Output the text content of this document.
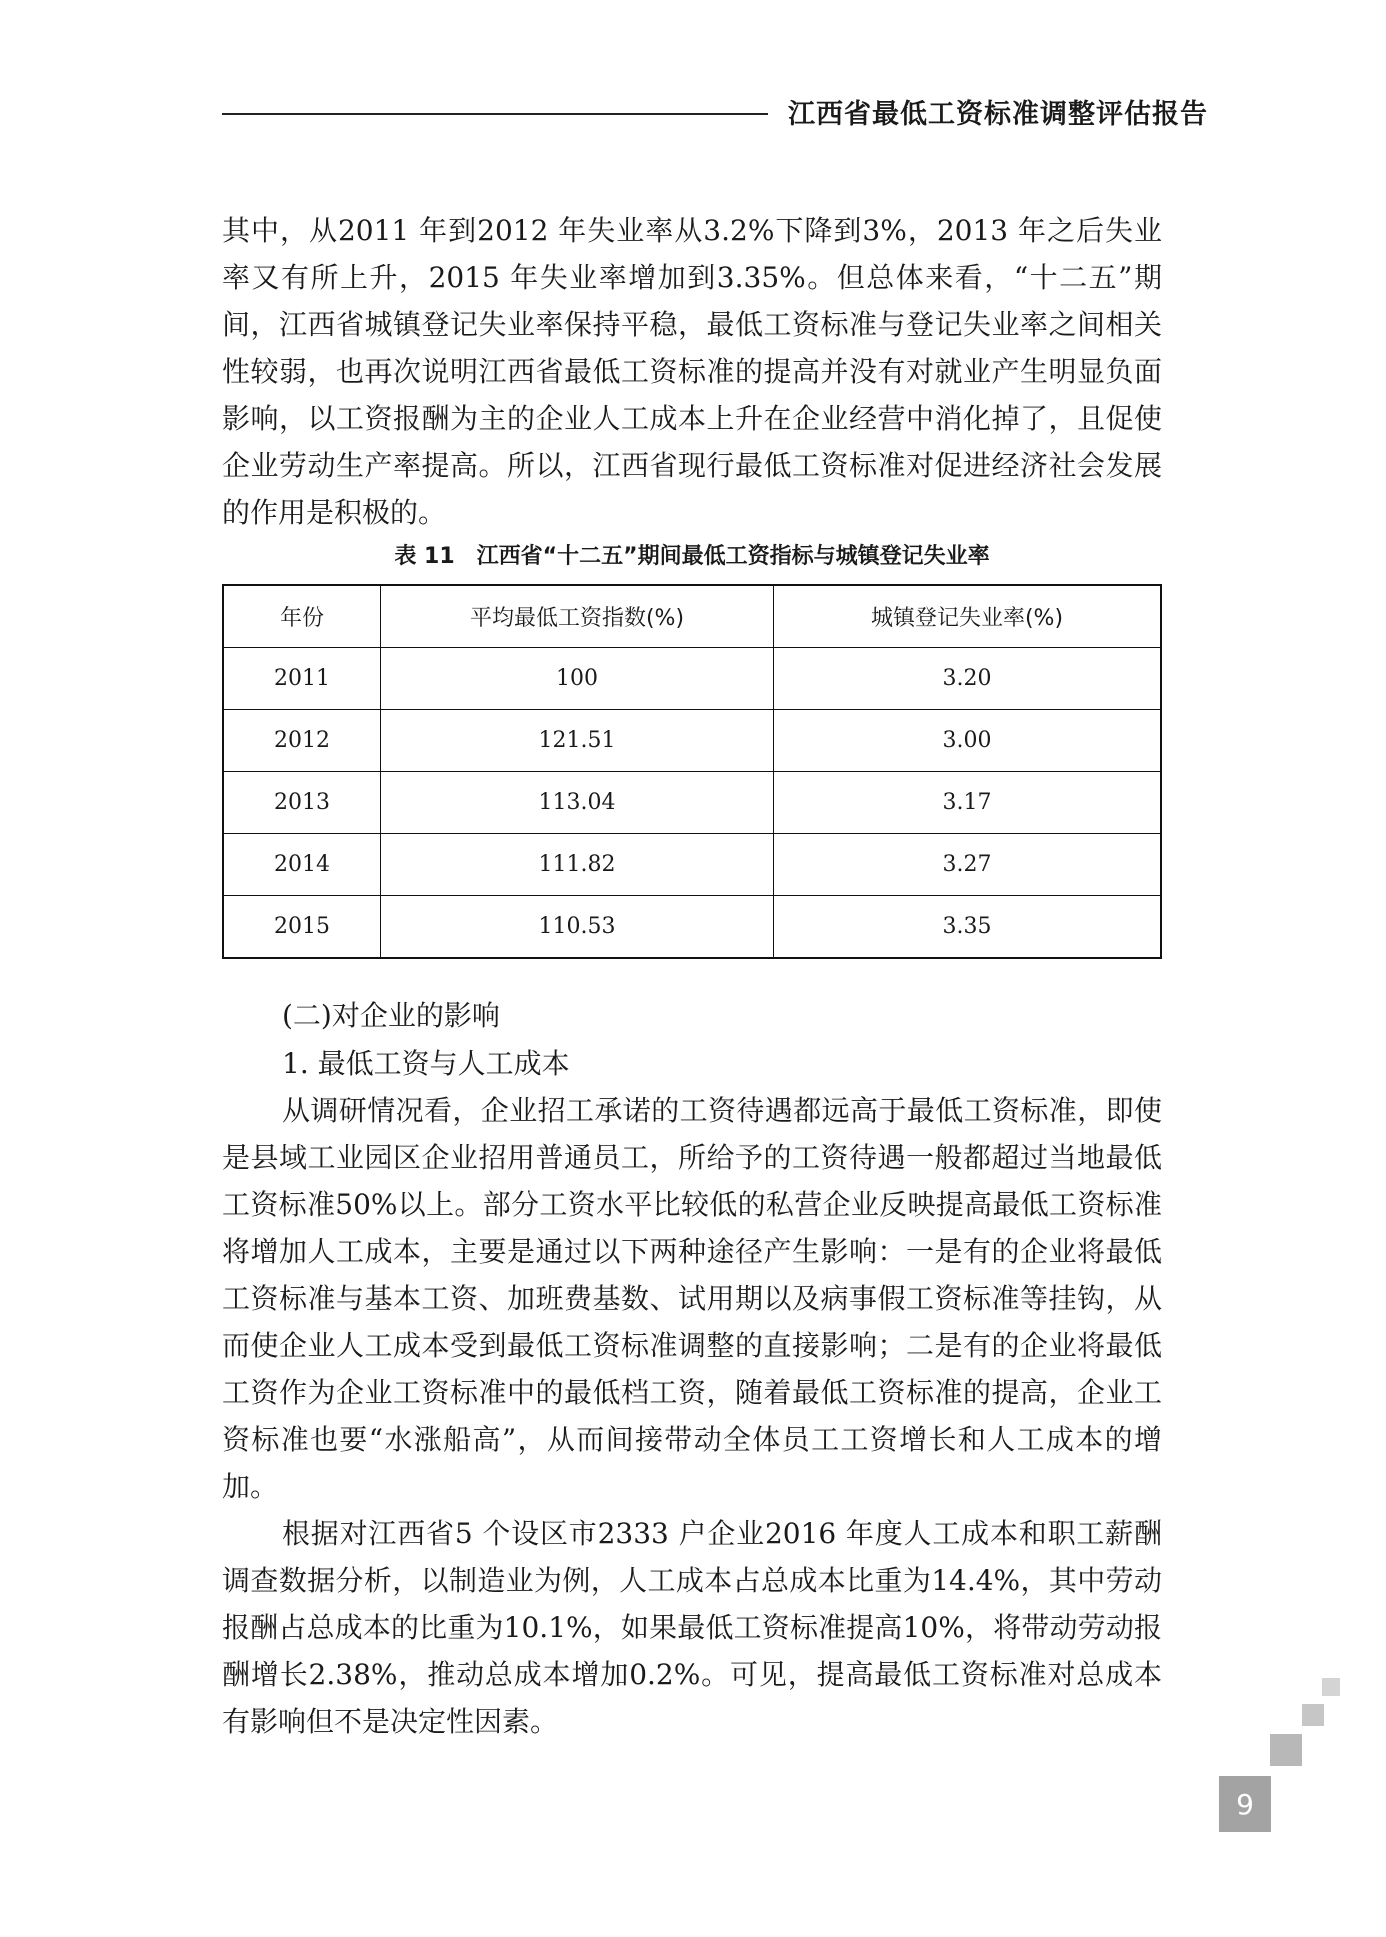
江西省最低工资标准调整评估报告

其中，从2011 年到2012 年失业率从3.2%下降到3%，2013 年之后失业率又有所上升，2015 年失业率增加到3.35%。但总体来看，“十二五”期间，江西省城镇登记失业率保持平稳，最低工资标准与登记失业率之间相关性较弱，也再次说明江西省最低工资标准的提高并没有对就业产生明显负面影响，以工资报酬为主的企业人工成本上升在企业经营中消化掉了，且促使企业劳动生产率提高。所以，江西省现行最低工资标准对促进经济社会发展的作用是积极的。

表 11　江西省“十二五”期间最低工资指标与城镇登记失业率
年份	平均最低工资指数(%)	城镇登记失业率(%)
2011	100	3.20
2012	121.51	3.00
2013	113.04	3.17
2014	111.82	3.27
2015	110.53	3.35
(二)对企业的影响
1. 最低工资与人工成本

从调研情况看，企业招工承诺的工资待遇都远高于最低工资标准，即使是县域工业园区企业招用普通员工，所给予的工资待遇一般都超过当地最低工资标准50%以上。部分工资水平比较低的私营企业反映提高最低工资标准将增加人工成本，主要是通过以下两种途径产生影响：一是有的企业将最低工资标准与基本工资、加班费基数、试用期以及病事假工资标准等挂钩，从而使企业人工成本受到最低工资标准调整的直接影响；二是有的企业将最低工资作为企业工资标准中的最低档工资，随着最低工资标准的提高，企业工资标准也要“水涨船高”，从而间接带动全体员工工资增长和人工成本的增加。

根据对江西省5 个设区市2333 户企业2016 年度人工成本和职工薪酬调查数据分析，以制造业为例，人工成本占总成本比重为14.4%，其中劳动报酬占总成本的比重为10.1%，如果最低工资标准提高10%，将带动劳动报酬增长2.38%，推动总成本增加0.2%。可见，提高最低工资标准对总成本有影响但不是决定性因素。

9
